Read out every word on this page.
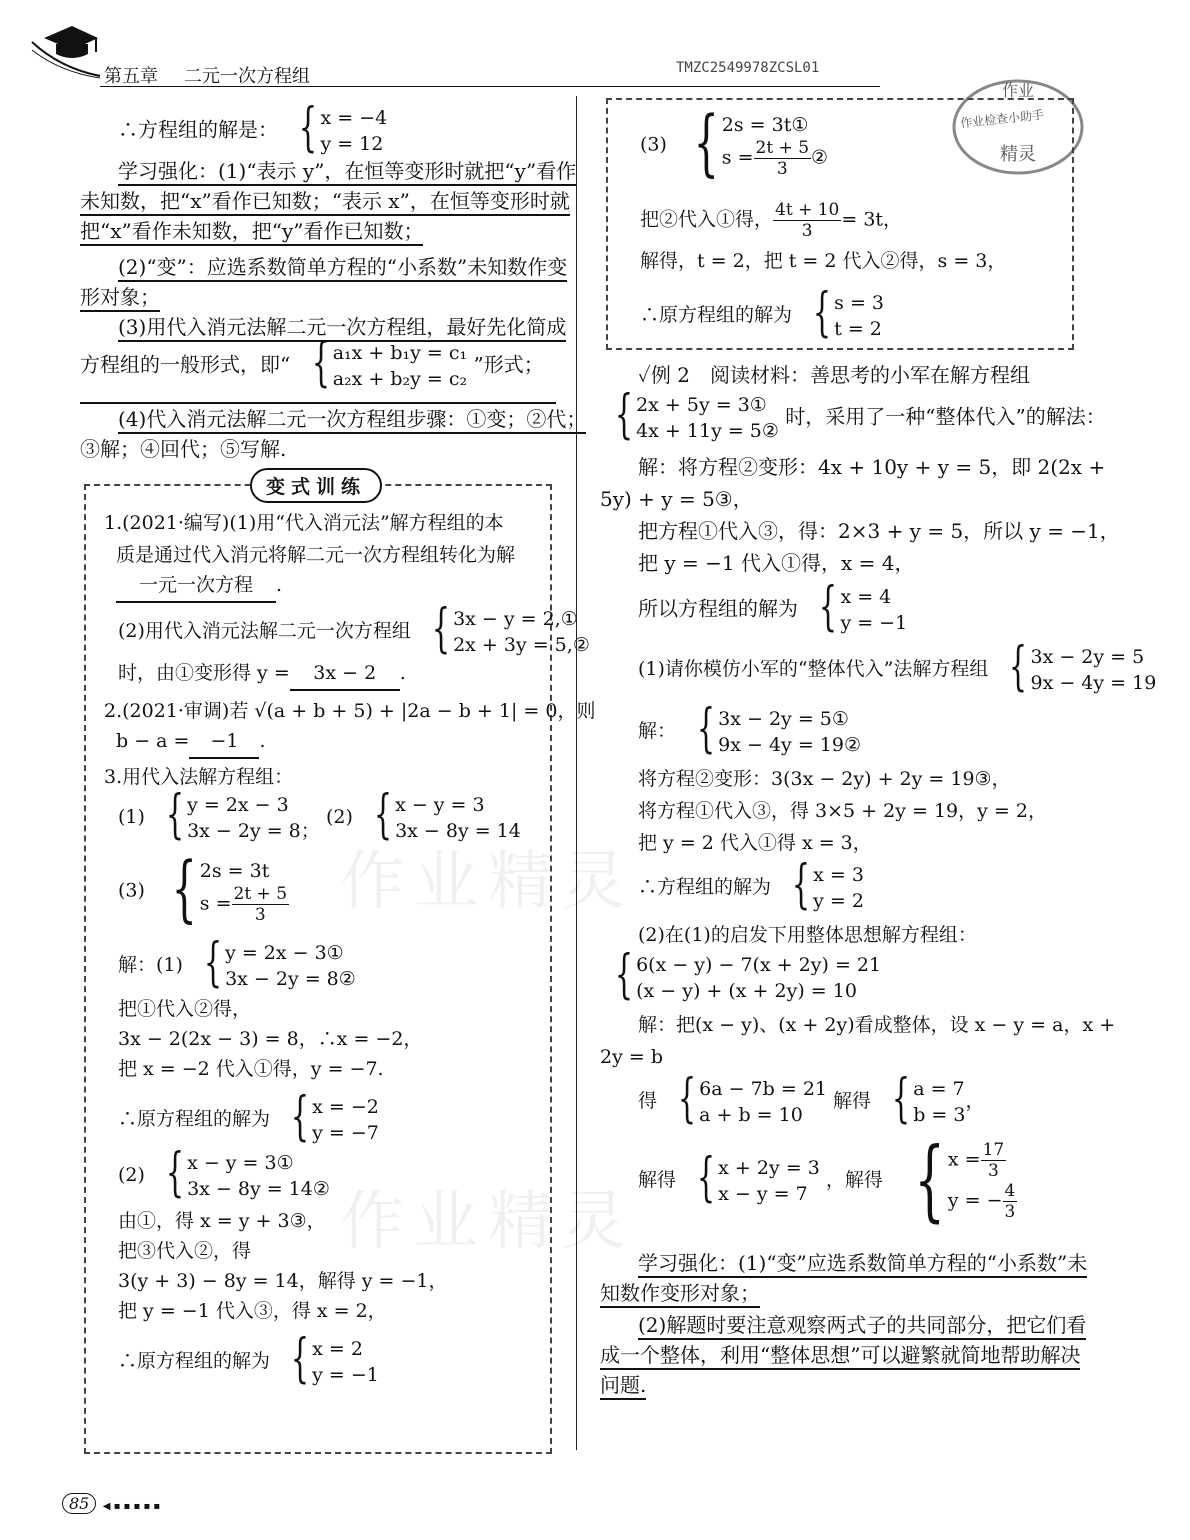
第五章 二元一次方程组	TMZC2549978ZCSL01
作业
作业检查小助手
精灵
作业精灵
作业精灵
∴方程组的解是： { x = −4
y = 12
学习强化：(1)“表示 y”，在恒等变形时就把“y”看作
未知数，把“x”看作已知数；“表示 x”，在恒等变形时就
把“x”看作未知数，把“y”看作已知数；
(2)“变”：应选系数简单方程的“小系数”未知数作变
形对象；
(3)用代入消元法解二元一次方程组，最好先化简成
方程组的一般形式，即“ { a₁x + b₁y = c₁
a₂x + b₂y = c₂
”形式；
(4)代入消元法解二元一次方程组步骤：①变；②代；
③解；④回代；⑤写解.
变式训练
1.(2021·编写)(1)用“代入消元法”解方程组的本
质是通过代入消元将解二元一次方程组转化为解
一元一次方程 .
(2)用代入消元法解二元一次方程组 { 3x − y = 2,①
2x + 3y = 5,②
时，由①变形得 y = 3x − 2 .
2.(2021·审调)若 √(a + b + 5) + |2a − b + 1| = 0，则
b − a = −1 .
3.用代入法解方程组：
(1) { y = 2x − 3
3x − 2y = 8；
(2) { x − y = 3
3x − 8y = 14
(3) { 2s = 3t
$s = \frac{2t + 5}{3}$
解：(1) { y = 2x − 3①
3x − 2y = 8②
把①代入②得，
3x − 2(2x − 3) = 8，∴x = −2，
把 x = −2 代入①得，y = −7.
∴原方程组的解为 { x = −2
y = −7
(2) { x − y = 3①
3x − 8y = 14②
由①，得 x = y + 3③，
把③代入②，得
3(y + 3) − 8y = 14，解得 y = −1，
把 y = −1 代入③，得 x = 2，
∴原方程组的解为 { x = 2
y = −1
(3) { 2s = 3t①
$s = \frac{2t + 5}{3}$ ②
把②代入①得， $\frac{4t + 10}{3} = 3t$，
解得，t = 2，把 t = 2 代入②得，s = 3，
∴原方程组的解为 { s = 3
t = 2
✓例 2　阅读材料：善思考的小军在解方程组
{ 2x + 5y = 3①
4x + 11y = 5②
时，采用了一种“整体代入”的解法：
解：将方程②变形：4x + 10y + y = 5，即 2(2x +
5y) + y = 5③，
把方程①代入③，得：2×3 + y = 5，所以 y = −1，
把 y = −1 代入①得，x = 4，
所以方程组的解为 { x = 4
y = −1
(1)请你模仿小军的“整体代入”法解方程组 { 3x − 2y = 5
9x − 4y = 19
解： { 3x − 2y = 5①
9x − 4y = 19②
将方程②变形：3(3x − 2y) + 2y = 19③，
将方程①代入③，得 3×5 + 2y = 19，y = 2，
把 y = 2 代入①得 x = 3，
∴方程组的解为 { x = 3
y = 2
(2)在(1)的启发下用整体思想解方程组：
{ 6(x − y) − 7(x + 2y) = 21
(x − y) + (x + 2y) = 10
解：把(x − y)、(x + 2y)看成整体，设 x − y = a，x +
2y = b
得 { 6a − 7b = 21
a + b = 10
解得 { a = 7
b = 3
，
解得 { x + 2y = 3
x − y = 7
，解得 { $x = \frac{17}{3}$
y = − $\frac{4}{3}$
学习强化：(1)“变”应选系数简单方程的“小系数”未
知数作变形对象；
(2)解题时要注意观察两式子的共同部分，把它们看
成一个整体，利用“整体思想”可以避繁就简地帮助解决
问题.
85 ◀ ▪ ▪ ▪ ▪ ▪
